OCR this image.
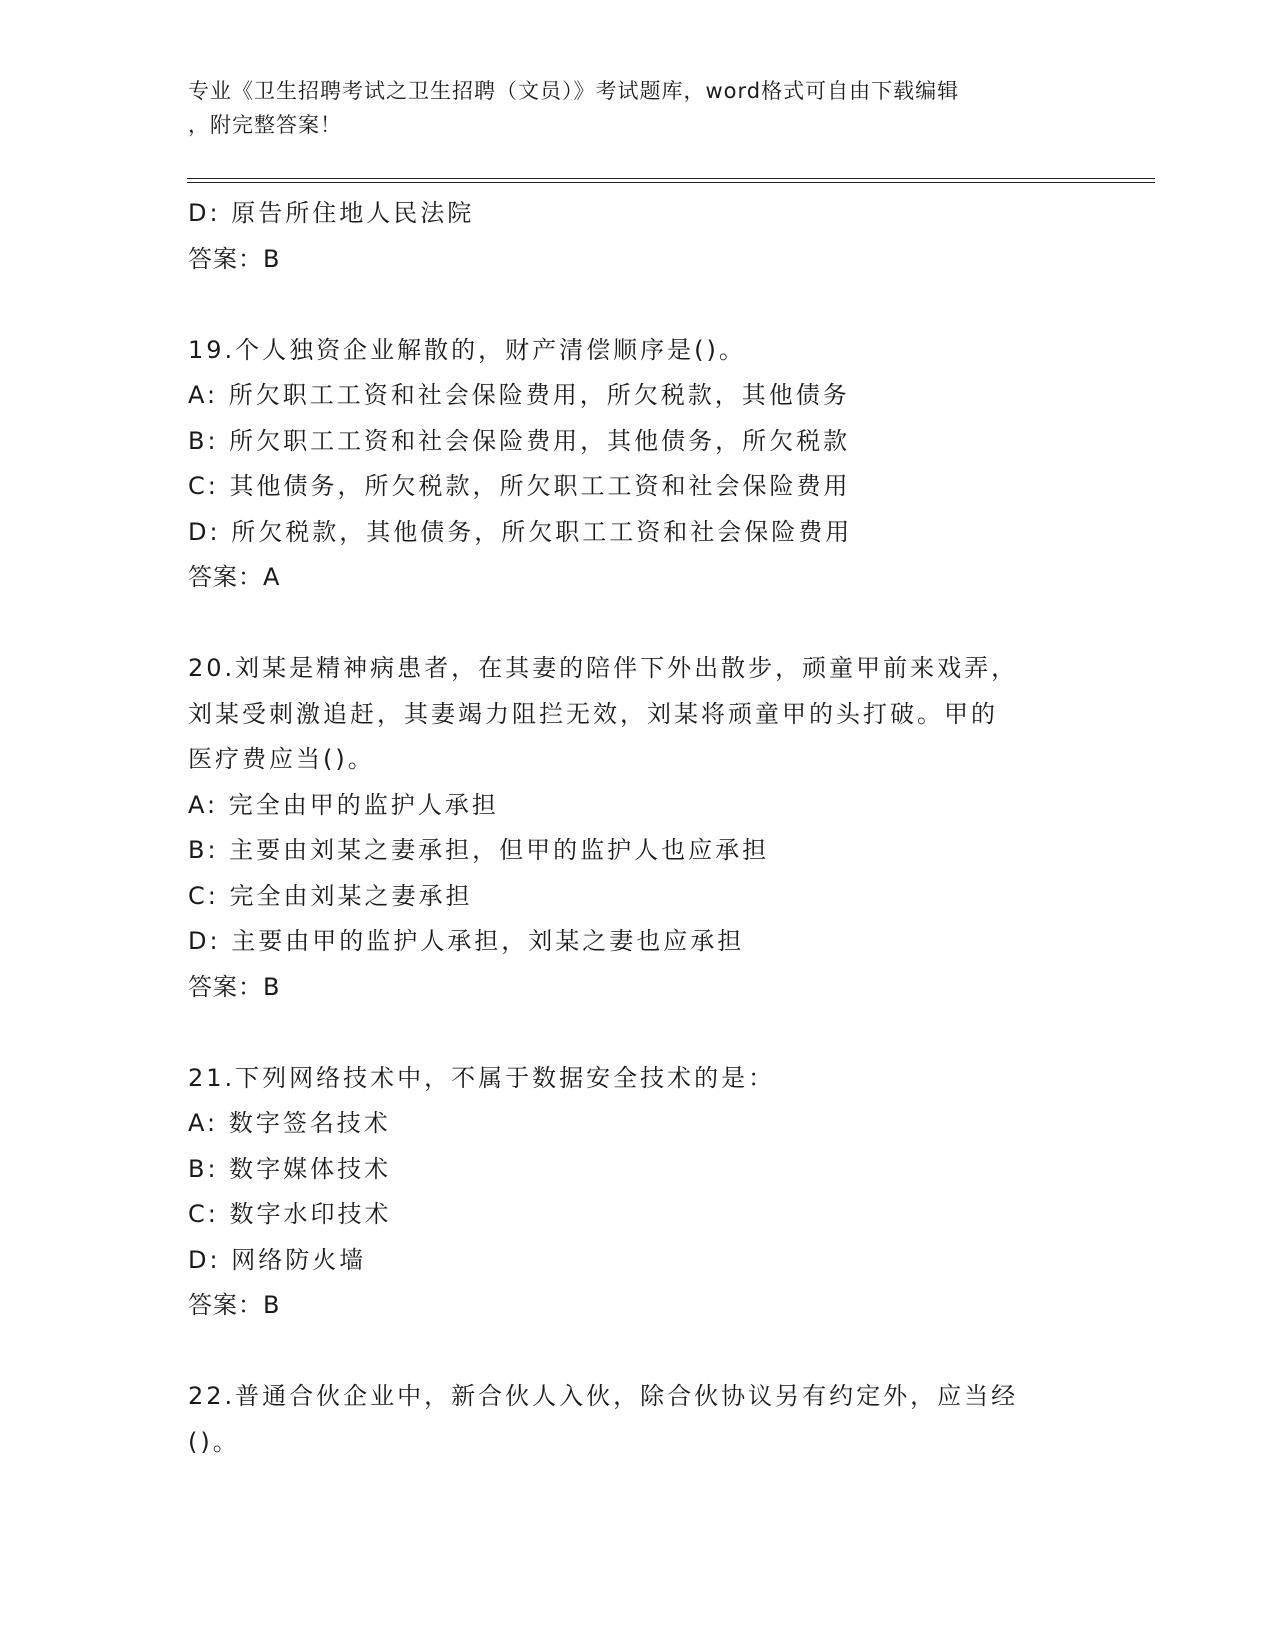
专业《卫生招聘考试之卫生招聘（文员）》考试题库，word格式可自由下载编辑
，附完整答案！
D: 原告所住地人民法院
答案：B
19.个人独资企业解散的，财产清偿顺序是()。
A: 所欠职工工资和社会保险费用，所欠税款，其他债务
B: 所欠职工工资和社会保险费用，其他债务，所欠税款
C: 其他债务，所欠税款，所欠职工工资和社会保险费用
D: 所欠税款，其他债务，所欠职工工资和社会保险费用
答案：A
20.刘某是精神病患者，在其妻的陪伴下外出散步，顽童甲前来戏弄，
刘某受刺激追赶，其妻竭力阻拦无效，刘某将顽童甲的头打破。甲的
医疗费应当()。
A: 完全由甲的监护人承担
B: 主要由刘某之妻承担，但甲的监护人也应承担
C: 完全由刘某之妻承担
D: 主要由甲的监护人承担，刘某之妻也应承担
答案：B
21.下列网络技术中，不属于数据安全技术的是：
A: 数字签名技术
B: 数字媒体技术
C: 数字水印技术
D: 网络防火墙
答案：B
22.普通合伙企业中，新合伙人入伙，除合伙协议另有约定外，应当经
()。
